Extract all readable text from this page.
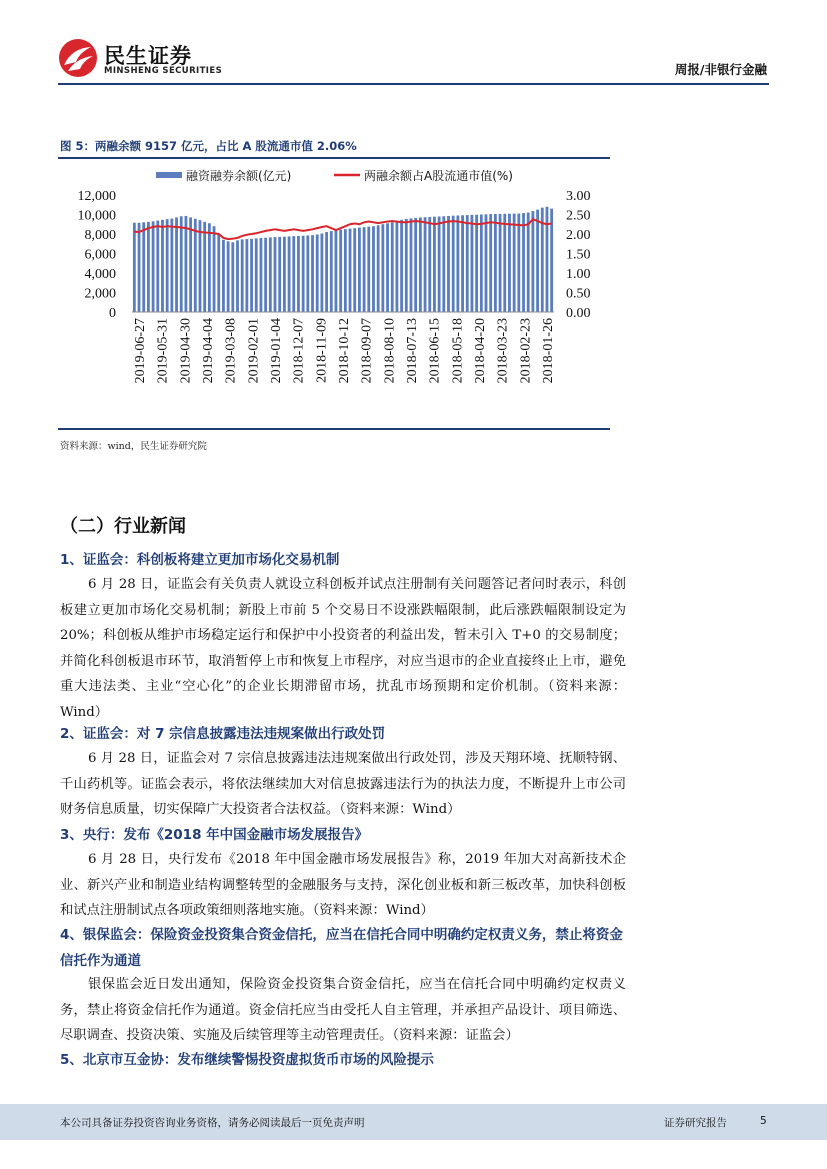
民生证券
MINSHENG SECURITIES	周报/非银行金融
图 5：两融余额 9157 亿元，占比 A 股流通市值 2.06%
融资融券余额(亿元)	两融余额占A股流通市值(%)
0
2,000
4,000
6,000
8,000
10,000
12,000
0.00
0.50
1.00
1.50
2.00
2.50
3.00
2019-06-27 2019-05-31 2019-04-30 2019-04-04 2019-03-08 2019-02-01 2019-01-04 2018-12-07 2018-11-09 2018-10-12 2018-09-07 2018-08-10 2018-07-13 2018-06-15 2018-05-18 2018-04-20 2018-03-23 2018-02-23 2018-01-26
资料来源：wind，民生证券研究院
（二）行业新闻
1、证监会：科创板将建立更加市场化交易机制
6 月 28 日，证监会有关负责人就设立科创板并试点注册制有关问题答记者问时表示，科创板建立更加市场化交易机制；新股上市前 5 个交易日不设涨跌幅限制，此后涨跌幅限制设定为 20%；科创板从维护市场稳定运行和保护中小投资者的利益出发，暂未引入 T+0 的交易制度；并简化科创板退市环节，取消暂停上市和恢复上市程序，对应当退市的企业直接终止上市，避免重大违法类、主业“空心化”的企业长期滞留市场，扰乱市场预期和定价机制。（资料来源：Wind）
2、证监会：对 7 宗信息披露违法违规案做出行政处罚
6 月 28 日，证监会对 7 宗信息披露违法违规案做出行政处罚，涉及天翔环境、抚顺特钢、千山药机等。证监会表示，将依法继续加大对信息披露违法行为的执法力度，不断提升上市公司财务信息质量，切实保障广大投资者合法权益。（资料来源：Wind）
3、央行：发布《2018 年中国金融市场发展报告》
6 月 28 日，央行发布《2018 年中国金融市场发展报告》称，2019 年加大对高新技术企业、新兴产业和制造业结构调整转型的金融服务与支持，深化创业板和新三板改革，加快科创板和试点注册制试点各项政策细则落地实施。（资料来源：Wind）
4、银保监会：保险资金投资集合资金信托，应当在信托合同中明确约定权责义务，禁止将资金信托作为通道
银保监会近日发出通知，保险资金投资集合资金信托，应当在信托合同中明确约定权责义务，禁止将资金信托作为通道。资金信托应当由受托人自主管理，并承担产品设计、项目筛选、尽职调查、投资决策、实施及后续管理等主动管理责任。（资料来源：证监会）
5、北京市互金协：发布继续警惕投资虚拟货币市场的风险提示
本公司具备证券投资咨询业务资格，请务必阅读最后一页免责声明	证券研究报告	5
